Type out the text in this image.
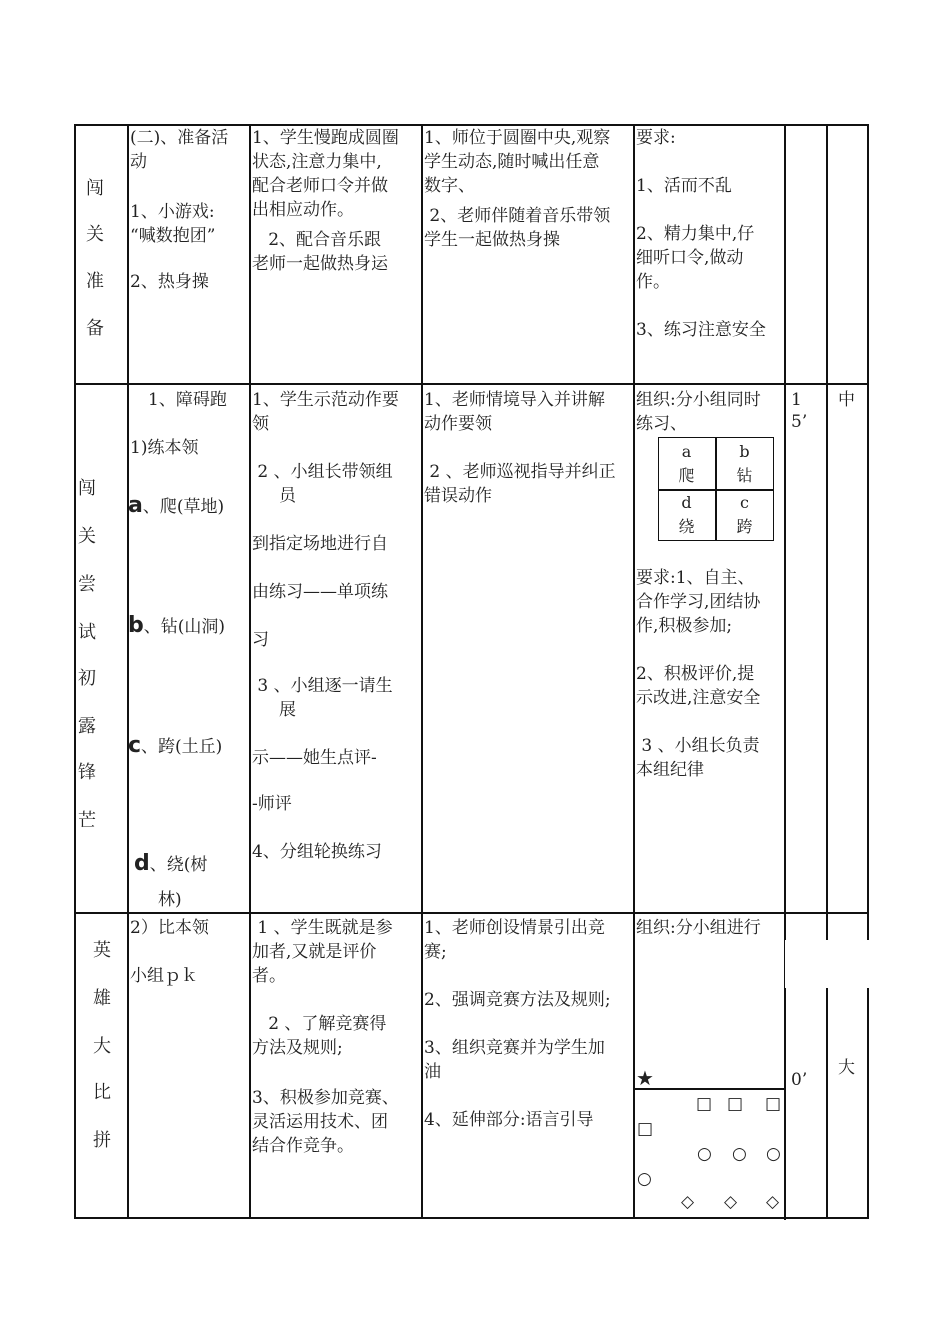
闯
关
准
备
(二)、准备活
动
1、小游戏:
“喊数抱团”
2、热身操
1、学生慢跑成圆圈
状态,注意力集中,
配合老师口令并做
出相应动作。
2、配合音乐跟
老师一起做热身运
1、师位于圆圈中央,观察
学生动态,随时喊出任意
数字、
2、老师伴随着音乐带领
学生一起做热身操
要求:
1、活而不乱
2、精力集中,仔
细听口令,做动
作。
3、练习注意安全
闯
关
尝
试
初
露
锋
芒
1、障碍跑
1)练本领
a、爬(草地)
b、钻(山洞)
c、跨(土丘)
d、绕(树
林)
1、学生示范动作要
领
2 、小组长带领组
员
到指定场地进行自
由练习——单项练
习
3 、小组逐一请生
展
示——她生点评-
-师评
4、分组轮换练习
1、老师情境导入并讲解
动作要领
2 、老师巡视指导并纠正
错误动作
组织:分小组同时
练习、
a
爬
b
钻
d
绕
c
跨
要求:1、自主、
合作学习,团结协
作,积极参加;
2、积极评价,提
示改进,注意安全
3 、小组长负责
本组纪律
1
5’
中
英
雄
大
比
拼
2）比本领
小组ｐｋ
1 、学生既就是参
加者,又就是评价
者。
2 、了解竞赛得
方法及规则;
3、积极参加竞赛、
灵活运用技术、团
结合作竞争。
1、老师创设情景引出竞
赛;
2、强调竞赛方法及规则;
3、组织竞赛并为学生加
油
4、延伸部分:语言引导
组织:分小组进行
★
□ □ □
□
○ ○ ○
○
◇ ◇ ◇
0’
大
